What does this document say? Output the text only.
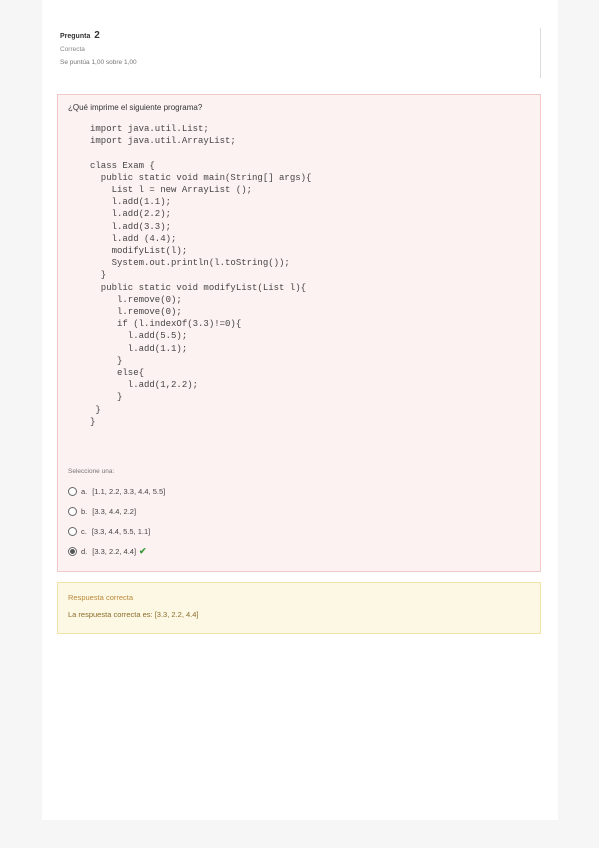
Pregunta 2
Correcta
Se puntúa 1,00 sobre 1,00
¿Qué imprime el siguiente programa?
import java.util.List;
import java.util.ArrayList;

class Exam {
public static void main(String[] args){
List l = new ArrayList ();
l.add(1.1);
l.add(2.2);
l.add(3.3);
l.add (4.4);
modifyList(l);
System.out.println(l.toString());
}
public static void modifyList(List l){
l.remove(0);
l.remove(0);
if (l.indexOf(3.3)!=0){
l.add(5.5);
l.add(1.1);
}
else{
l.add(1,2.2);
}
}
}
Seleccione una:
a. [1.1, 2.2, 3.3, 4.4, 5.5]
b. [3.3, 4.4, 2.2]
c. [3.3, 4.4, 5.5, 1.1]
d. [3.3, 2.2, 4.4] ✔
Respuesta correcta
La respuesta correcta es: [3.3, 2.2, 4.4]
